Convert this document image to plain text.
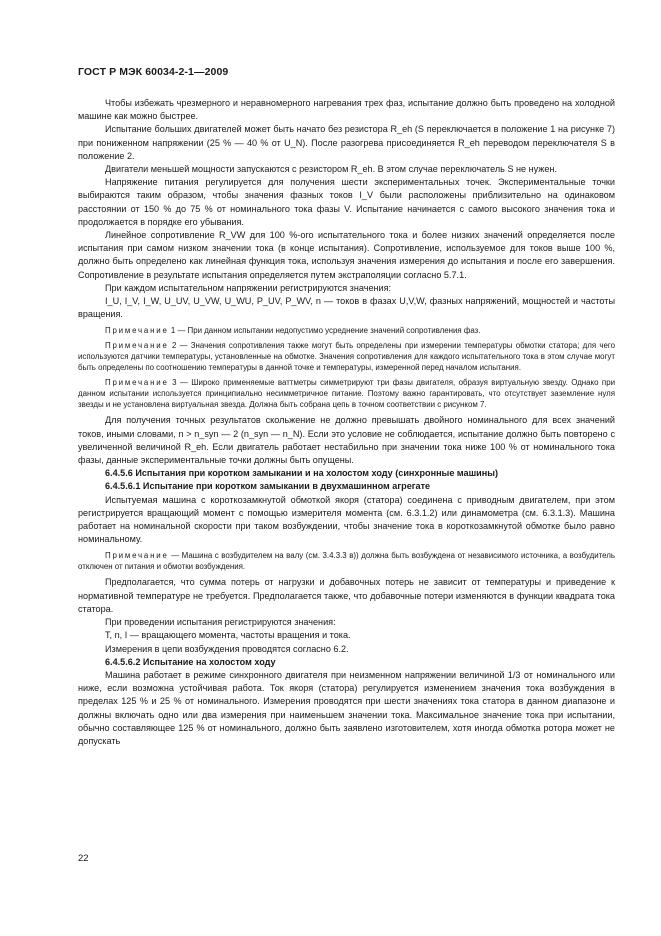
ГОСТ Р МЭК 60034-2-1—2009

Чтобы избежать чрезмерного и неравномерного нагревания трех фаз, испытание должно быть проведено на холодной машине как можно быстрее.

Испытание больших двигателей может быть начато без резистора R_eh (S переключается в положение 1 на рисунке 7) при пониженном напряжении (25 % — 40 % от U_N). После разогрева присоединяется R_eh переводом переключателя S в положение 2.

Двигатели меньшей мощности запускаются с резистором R_eh. В этом случае переключатель S не нужен.

Напряжение питания регулируется для получения шести экспериментальных точек. Экспериментальные точки выбираются таким образом, чтобы значения фазных токов I_V были расположены приблизительно на одинаковом расстоянии от 150 % до 75 % от номинального тока фазы V. Испытание начинается с самого высокого значения тока и продолжается в порядке его убывания.

Линейное сопротивление R_VW для 100 %-ого испытательного тока и более низких значений определяется после испытания при самом низком значении тока (в конце испытания). Сопротивление, используемое для токов выше 100 %, должно быть определено как линейная функция тока, используя значения измерения до испытания и после его завершения. Сопротивление в результате испытания определяется путем экстраполяции согласно 5.7.1.

При каждом испытательном напряжении регистрируются значения:

I_U, I_V, I_W, U_UV, U_VW, U_WU, P_UV, P_WV, n — токов в фазах U,V,W, фазных напряжений, мощностей и частоты вращения.

Примечание 1 — При данном испытании недопустимо усреднение значений сопротивления фаз.

Примечание 2 — Значения сопротивления также могут быть определены при измерении температуры обмотки статора; для чего используются датчики температуры, установленные на обмотке. Значения сопротивления для каждого испытательного тока в этом случае могут быть определены по соотношению температуры в данной точке и температуры, измеренной перед началом испытания.

Примечание 3 — Широко применяемые ваттметры симметрируют три фазы двигателя, образуя виртуальную звезду. Однако при данном испытании используется принципиально несимметричное питание. Поэтому важно гарантировать, что отсутствует заземление нуля звезды и не установлена виртуальная звезда. Должна быть собрана цепь в точном соответствии с рисунком 7.

Для получения точных результатов скольжение не должно превышать двойного номинального для всех значений токов, иными словами, n > n_syn — 2 (n_syn — n_N). Если это условие не соблюдается, испытание должно быть повторено с увеличенной величиной R_eh. Если двигатель работает нестабильно при значении тока ниже 100 % от номинального тока фазы, данные экспериментальные точки должны быть опущены.

6.4.5.6 Испытания при коротком замыкании и на холостом ходу (синхронные машины)

6.4.5.6.1 Испытание при коротком замыкании в двухмашинном агрегате

Испытуемая машина с короткозамкнутой обмоткой якоря (статора) соединена с приводным двигателем, при этом регистрируется вращающий момент с помощью измерителя момента (см. 6.3.1.2) или динамометра (см. 6.3.1.3). Машина работает на номинальной скорости при таком возбуждении, чтобы значение тока в короткозамкнутой обмотке было равно номинальному.

Примечание — Машина с возбудителем на валу (см. 3.4.3.3 в)) должна быть возбуждена от независимого источника, а возбудитель отключен от питания и обмотки возбуждения.

Предполагается, что сумма потерь от нагрузки и добавочных потерь не зависит от температуры и приведение к нормативной температуре не требуется. Предполагается также, что добавочные потери изменяются в функции квадрата тока статора.

При проведении испытания регистрируются значения:

T, n, I — вращающего момента, частоты вращения и тока.

Измерения в цепи возбуждения проводятся согласно 6.2.

6.4.5.6.2 Испытание на холостом ходу

Машина работает в режиме синхронного двигателя при неизменном напряжении величиной 1/3 от номинального или ниже, если возможна устойчивая работа. Ток якоря (статора) регулируется изменением значения тока возбуждения в пределах 125 % и 25 % от номинального. Измерения проводятся при шести значениях тока статора в данном диапазоне и должны включать одно или два измерения при наименьшем значении тока. Максимальное значение тока при испытании, обычно составляющее 125 % от номинального, должно быть заявлено изготовителем, хотя иногда обмотка ротора может не допускать

22
